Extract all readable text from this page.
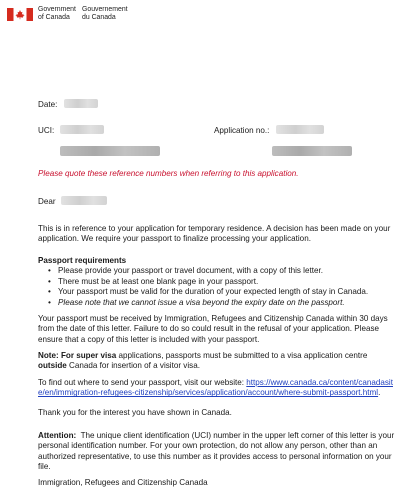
Government
of Canada
Gouvernement
du Canada
Date:
UCI:	Application no.:

Please quote these reference numbers when referring to this application.

Dear

This is in reference to your application for temporary residence. A decision has been made on your application. We require your passport to finalize processing your application.

Passport requirements

• Please provide your passport or travel document, with a copy of this letter.
• There must be at least one blank page in your passport.
• Your passport must be valid for the duration of your expected length of stay in Canada.
• Please note that we cannot issue a visa beyond the expiry date on the passport.

Your passport must be received by Immigration, Refugees and Citizenship Canada within 30 days from the date of this letter. Failure to do so could result in the refusal of your application. Please ensure that a copy of this letter is included with your passport.

Note: For super visa applications, passports must be submitted to a visa application centre outside Canada for insertion of a visitor visa.

To find out where to send your passport, visit our website: https://www.canada.ca/content/canadasite/en/immigration-refugees-citizenship/services/application/account/where-submit-passport.html.

Thank you for the interest you have shown in Canada.

Attention: The unique client identification (UCI) number in the upper left corner of this letter is your personal identification number. For your own protection, do not allow any person, other than an authorized representative, to use this number as it provides access to personal information on your file.

Immigration, Refugees and Citizenship Canada
